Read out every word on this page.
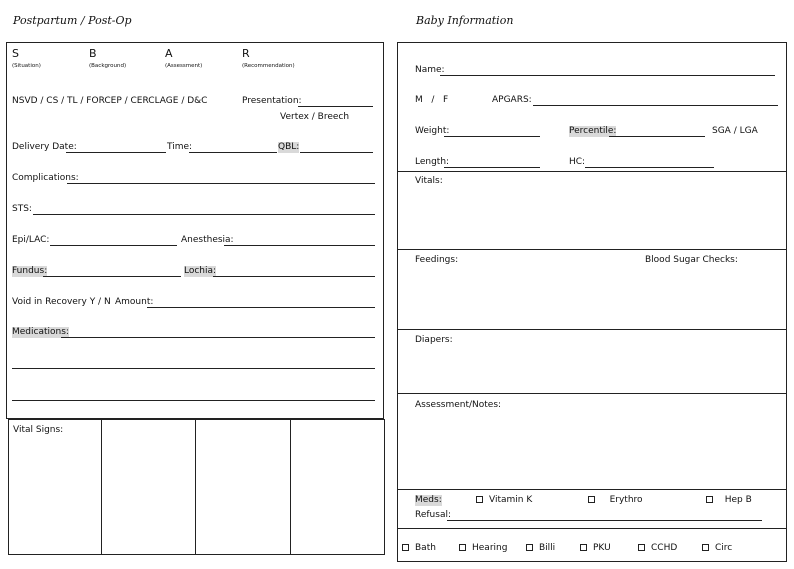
Postpartum / Post-Op
S
(Situation)
B
(Background)
A
(Assessment)
R
(Recommendation)
NSVD / CS / TL / FORCEP / CERCLAGE / D&C	Presentation:
Vertex / Breech
Delivery Date:	Time:	QBL:
Complications:
STS:
Epi/LAC:	Anesthesia:
Fundus:	Lochia:
Void in Recovery Y / N Amount:
Medications:
Vital Signs:
Baby Information
Name:
M / F	APGARS:
Weight:	Percentile:	SGA / LGA
Length:	HC:
Vitals:
Feedings:	Blood Sugar Checks:
Diapers:
Assessment/Notes:
Meds:	Vitamin K	Erythro	Hep B
Refusal:
Bath	Hearing	Billi	PKU	CCHD	Circ
